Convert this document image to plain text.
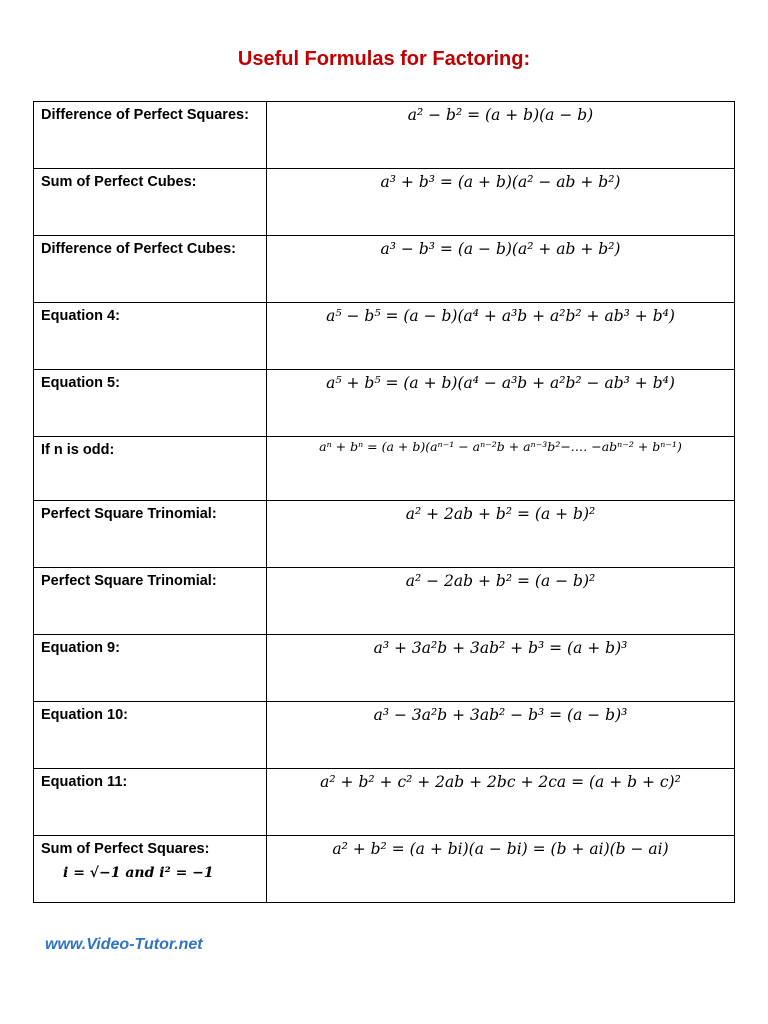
Useful Formulas for Factoring:
Difference of Perfect Squares:	a² − b² = (a + b)(a − b)

Sum of Perfect Cubes:	a³ + b³ = (a + b)(a² − ab + b²)

Difference of Perfect Cubes:	a³ − b³ = (a − b)(a² + ab + b²)

Equation 4:	a⁵ − b⁵ = (a − b)(a⁴ + a³b + a²b² + ab³ + b⁴)

Equation 5:	a⁵ + b⁵ = (a + b)(a⁴ − a³b + a²b² − ab³ + b⁴)

If n is odd:	aⁿ + bⁿ = (a + b)(aⁿ⁻¹ − aⁿ⁻²b + aⁿ⁻³b²−.… −abⁿ⁻² + bⁿ⁻¹)

Perfect Square Trinomial:	a² + 2ab + b² = (a + b)²

Perfect Square Trinomial:	a² − 2ab + b² = (a − b)²

Equation 9:	a³ + 3a²b + 3ab² + b³ = (a + b)³

Equation 10:	a³ − 3a²b + 3ab² − b³ = (a − b)³

Equation 11:	a² + b² + c² + 2ab + 2bc + 2ca = (a + b + c)²

Sum of Perfect Squares:
i = √−1 and i² = −1	a² + b² = (a + bi)(a − bi) = (b + ai)(b − ai)
www.Video-Tutor.net
